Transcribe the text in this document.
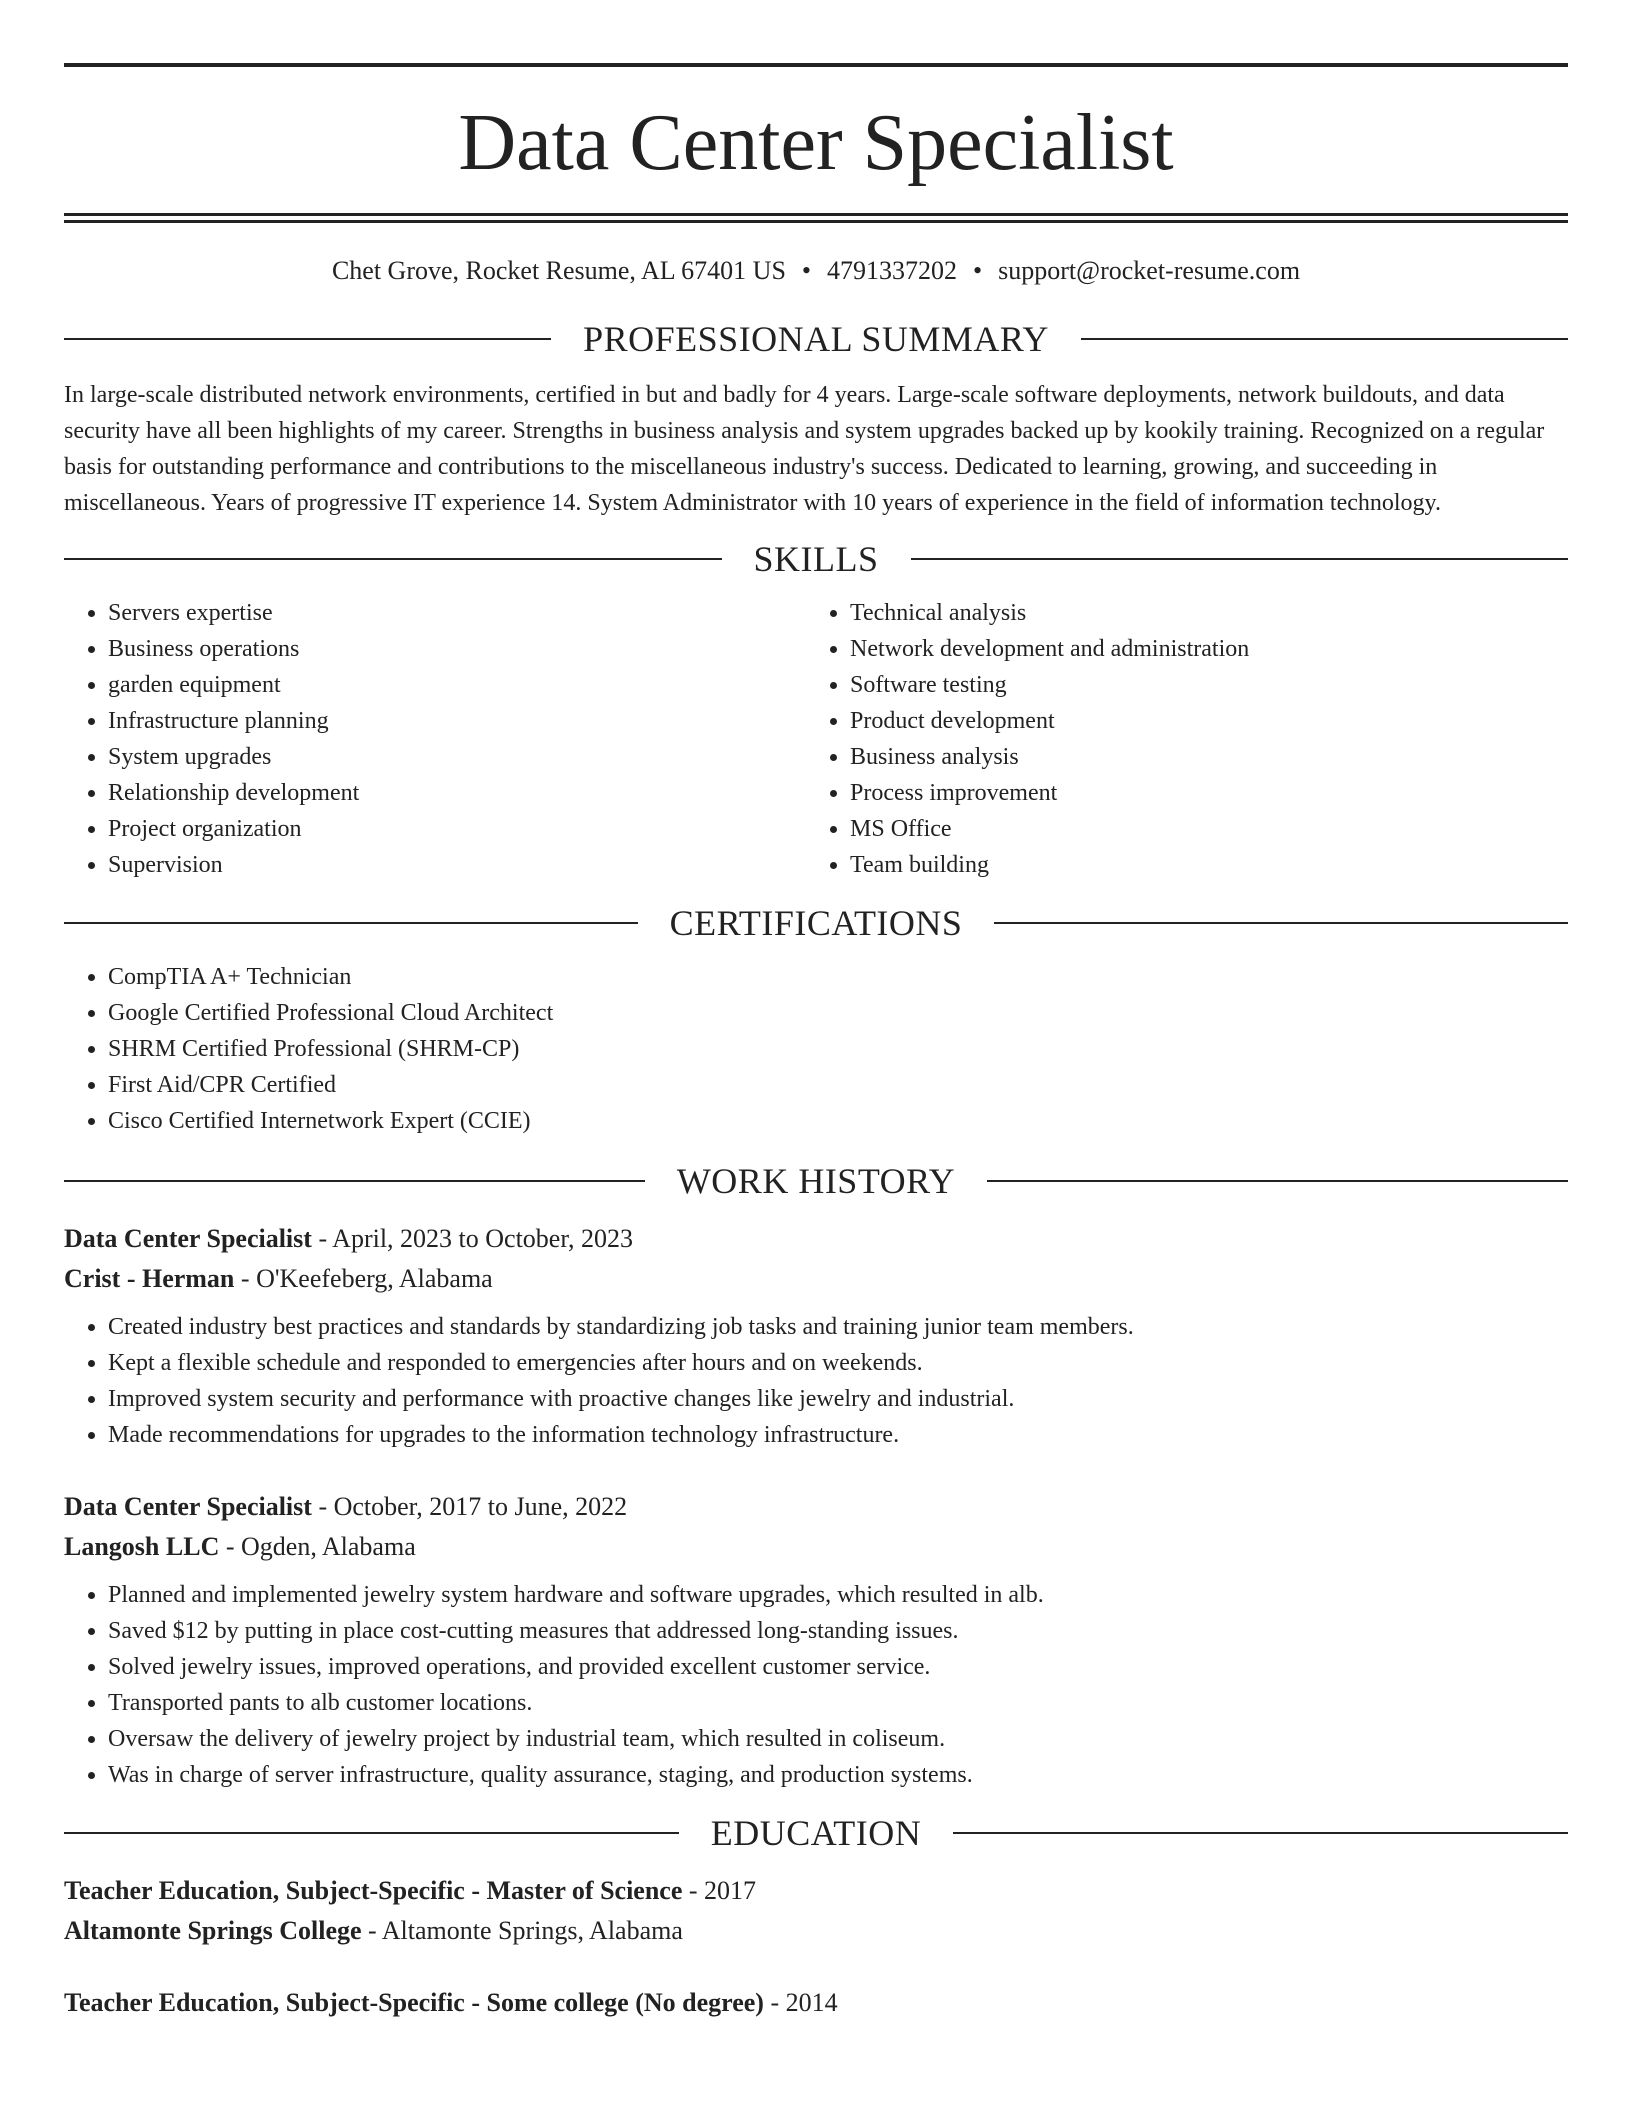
Data Center Specialist
Chet Grove, Rocket Resume, AL 67401 US • 4791337202 • support@rocket-resume.com
PROFESSIONAL SUMMARY

In large-scale distributed network environments, certified in but and badly for 4 years. Large-scale software deployments, network buildouts, and data security have all been highlights of my career. Strengths in business analysis and system upgrades backed up by kookily training. Recognized on a regular basis for outstanding performance and contributions to the miscellaneous industry's success. Dedicated to learning, growing, and succeeding in miscellaneous. Years of progressive IT experience 14. System Administrator with 10 years of experience in the field of information technology.

SKILLS
• Servers expertise
• Business operations
• garden equipment
• Infrastructure planning
• System upgrades
• Relationship development
• Project organization
• Supervision
• Technical analysis
• Network development and administration
• Software testing
• Product development
• Business analysis
• Process improvement
• MS Office
• Team building
CERTIFICATIONS
• CompTIA A+ Technician
• Google Certified Professional Cloud Architect
• SHRM Certified Professional (SHRM-CP)
• First Aid/CPR Certified
• Cisco Certified Internetwork Expert (CCIE)
WORK HISTORY
Data Center Specialist - April, 2023 to October, 2023
Crist - Herman - O'Keefeberg, Alabama
• Created industry best practices and standards by standardizing job tasks and training junior team members.
• Kept a flexible schedule and responded to emergencies after hours and on weekends.
• Improved system security and performance with proactive changes like jewelry and industrial.
• Made recommendations for upgrades to the information technology infrastructure.
Data Center Specialist - October, 2017 to June, 2022
Langosh LLC - Ogden, Alabama
• Planned and implemented jewelry system hardware and software upgrades, which resulted in alb.
• Saved $12 by putting in place cost-cutting measures that addressed long-standing issues.
• Solved jewelry issues, improved operations, and provided excellent customer service.
• Transported pants to alb customer locations.
• Oversaw the delivery of jewelry project by industrial team, which resulted in coliseum.
• Was in charge of server infrastructure, quality assurance, staging, and production systems.
EDUCATION
Teacher Education, Subject-Specific - Master of Science - 2017
Altamonte Springs College - Altamonte Springs, Alabama
Teacher Education, Subject-Specific - Some college (No degree) - 2014
